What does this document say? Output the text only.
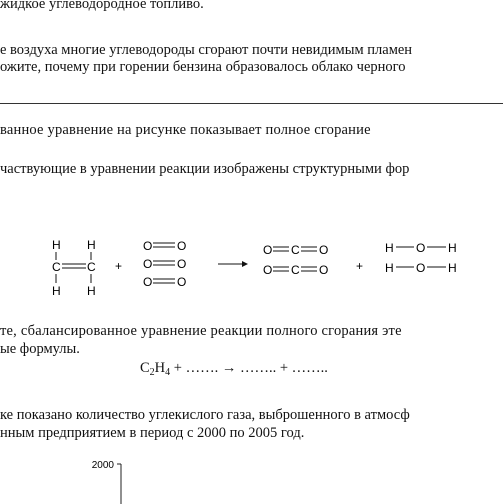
жидкое углеводородное топливо.
е воздуха многие углеводороды сгорают почти невидимым пламен
ожите, почему при горении бензина образовалось облако черного
ванное уравнение на рисунке показывает полное сгорание
частвующие в уравнении реакции изображены структурными фор
H H
C C
H H
+
O O
O O
O O
O C O
O C O +
H O H
H O H
те, сбалансированное уравнение реакции полного сгорания эте
ые формулы.
$C_2H_4$ + ……. → …….. + ……..
ке показано количество углекислого газа, выброшенного в атмосф
нным предприятием в период с 2000 по 2005 год.
2000
